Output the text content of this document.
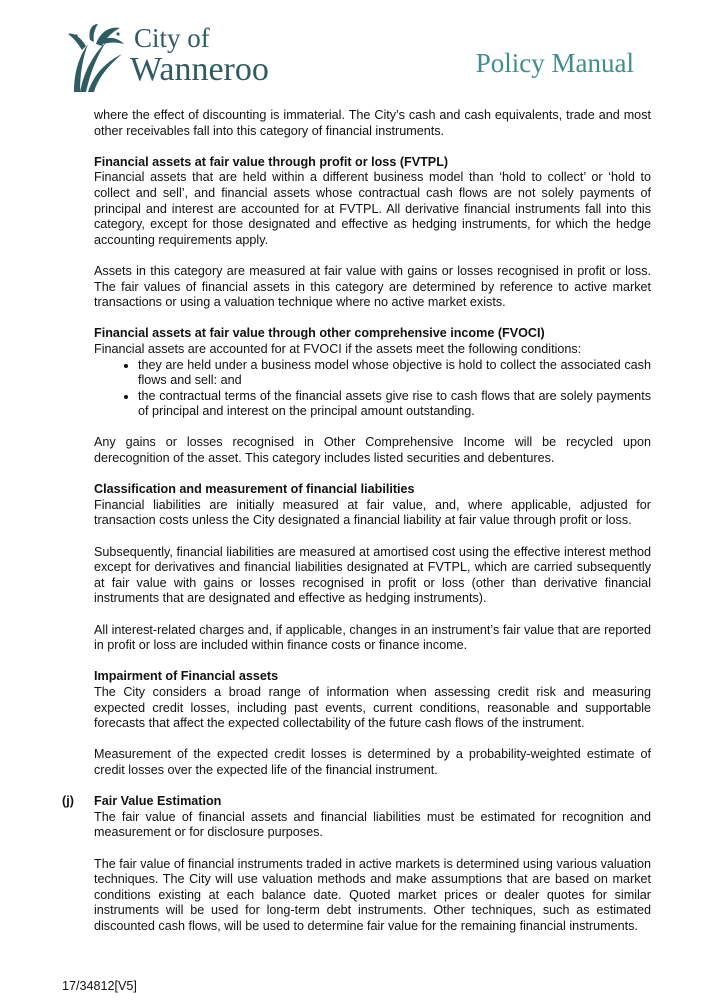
City of
Wanneroo	Policy Manual

where the effect of discounting is immaterial. The City’s cash and cash equivalents, trade and most other receivables fall into this category of financial instruments.

Financial assets at fair value through profit or loss (FVTPL)

Financial assets that are held within a different business model than ‘hold to collect’ or ‘hold to collect and sell’, and financial assets whose contractual cash flows are not solely payments of principal and interest are accounted for at FVTPL. All derivative financial instruments fall into this category, except for those designated and effective as hedging instruments, for which the hedge accounting requirements apply.

Assets in this category are measured at fair value with gains or losses recognised in profit or loss. The fair values of financial assets in this category are determined by reference to active market transactions or using a valuation technique where no active market exists.

Financial assets at fair value through other comprehensive income (FVOCI)
Financial assets are accounted for at FVOCI if the assets meet the following conditions:
• they are held under a business model whose objective is hold to collect the associated cash flows and sell: and
• the contractual terms of the financial assets give rise to cash flows that are solely payments of principal and interest on the principal amount outstanding.

Any gains or losses recognised in Other Comprehensive Income will be recycled upon derecognition of the asset. This category includes listed securities and debentures.

Classification and measurement of financial liabilities

Financial liabilities are initially measured at fair value, and, where applicable, adjusted for transaction costs unless the City designated a financial liability at fair value through profit or loss.

Subsequently, financial liabilities are measured at amortised cost using the effective interest method except for derivatives and financial liabilities designated at FVTPL, which are carried subsequently at fair value with gains or losses recognised in profit or loss (other than derivative financial instruments that are designated and effective as hedging instruments).

All interest-related charges and, if applicable, changes in an instrument’s fair value that are reported in profit or loss are included within finance costs or finance income.

Impairment of Financial assets

The City considers a broad range of information when assessing credit risk and measuring expected credit losses, including past events, current conditions, reasonable and supportable forecasts that affect the expected collectability of the future cash flows of the instrument.

Measurement of the expected credit losses is determined by a probability-weighted estimate of credit losses over the expected life of the financial instrument.

(j) Fair Value Estimation

The fair value of financial assets and financial liabilities must be estimated for recognition and measurement or for disclosure purposes.

The fair value of financial instruments traded in active markets is determined using various valuation techniques. The City will use valuation methods and make assumptions that are based on market conditions existing at each balance date. Quoted market prices or dealer quotes for similar instruments will be used for long-term debt instruments. Other techniques, such as estimated discounted cash flows, will be used to determine fair value for the remaining financial instruments.

17/34812[V5]
